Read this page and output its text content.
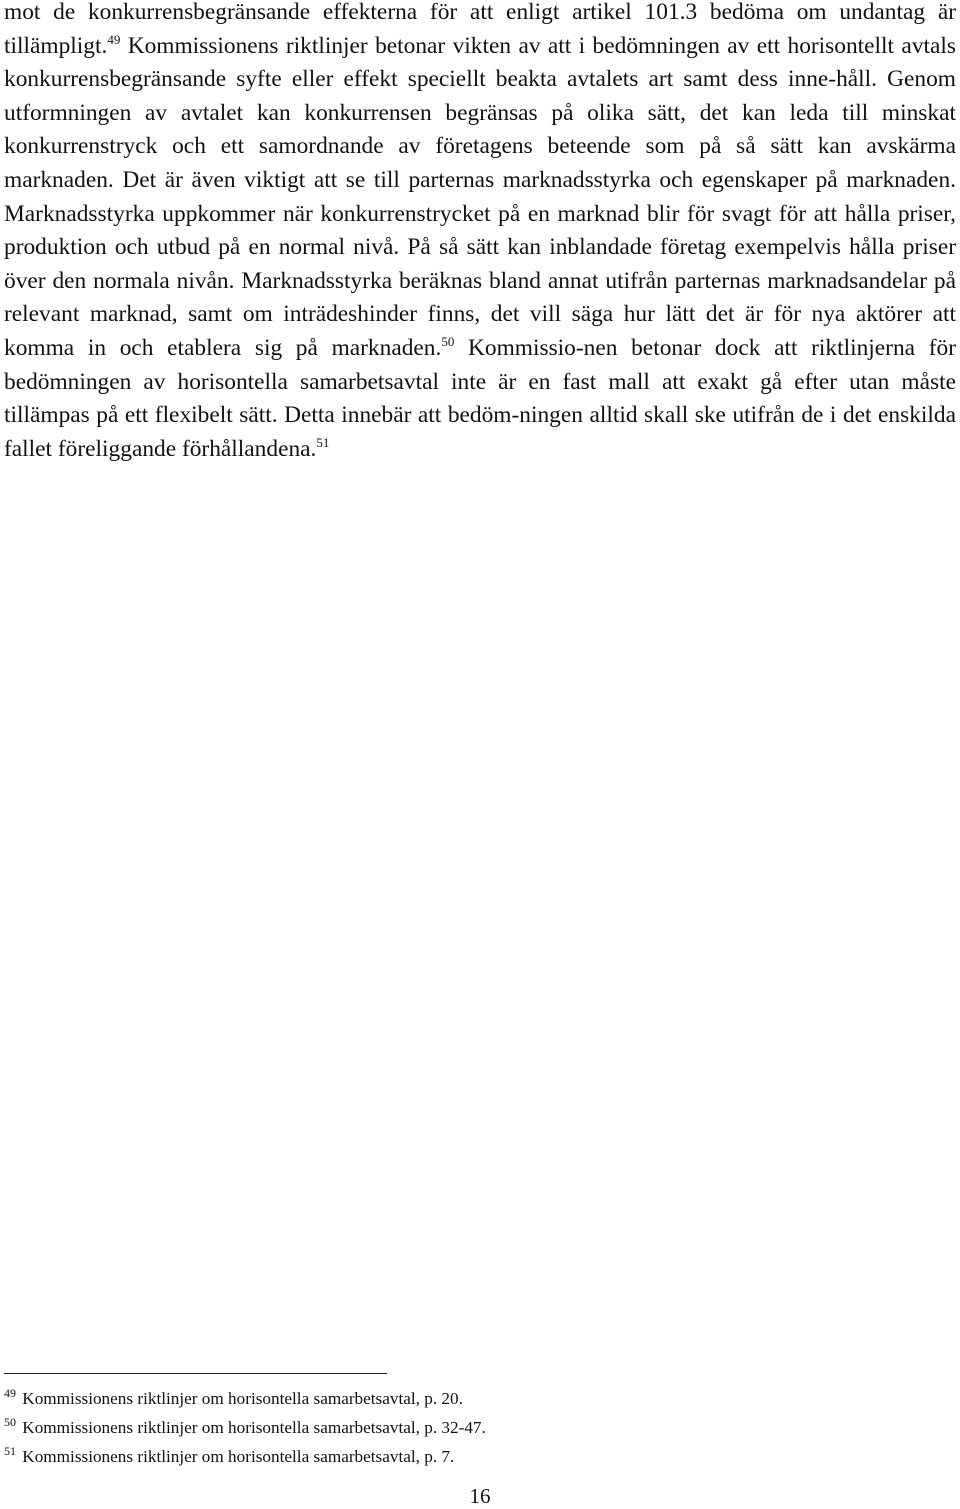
mot de konkurrensbegränsande effekterna för att enligt artikel 101.3 bedöma om undantag är tillämpligt.$^{49}$ Kommissionens riktlinjer betonar vikten av att i bedömningen av ett horisontellt avtals konkurrensbegränsande syfte eller effekt speciellt beakta avtalets art samt dess inne-håll. Genom utformningen av avtalet kan konkurrensen begränsas på olika sätt, det kan leda till minskat konkurrenstryck och ett samordnande av företagens beteende som på så sätt kan avskärma marknaden. Det är även viktigt att se till parternas marknadsstyrka och egenskaper på marknaden. Marknadsstyrka uppkommer när konkurrenstrycket på en marknad blir för svagt för att hålla priser, produktion och utbud på en normal nivå. På så sätt kan inblandade företag exempelvis hålla priser över den normala nivån. Marknadsstyrka beräknas bland annat utifrån parternas marknadsandelar på relevant marknad, samt om inträdeshinder finns, det vill säga hur lätt det är för nya aktörer att komma in och etablera sig på marknaden.$^{50}$ Kommissio-nen betonar dock att riktlinjerna för bedömningen av horisontella samarbetsavtal inte är en fast mall att exakt gå efter utan måste tillämpas på ett flexibelt sätt. Detta innebär att bedöm-ningen alltid skall ske utifrån de i det enskilda fallet föreliggande förhållandena.$^{51}$

$^{49}$ Kommissionens riktlinjer om horisontella samarbetsavtal, p. 20.

$^{50}$ Kommissionens riktlinjer om horisontella samarbetsavtal, p. 32-47.

$^{51}$ Kommissionens riktlinjer om horisontella samarbetsavtal, p. 7.

16
